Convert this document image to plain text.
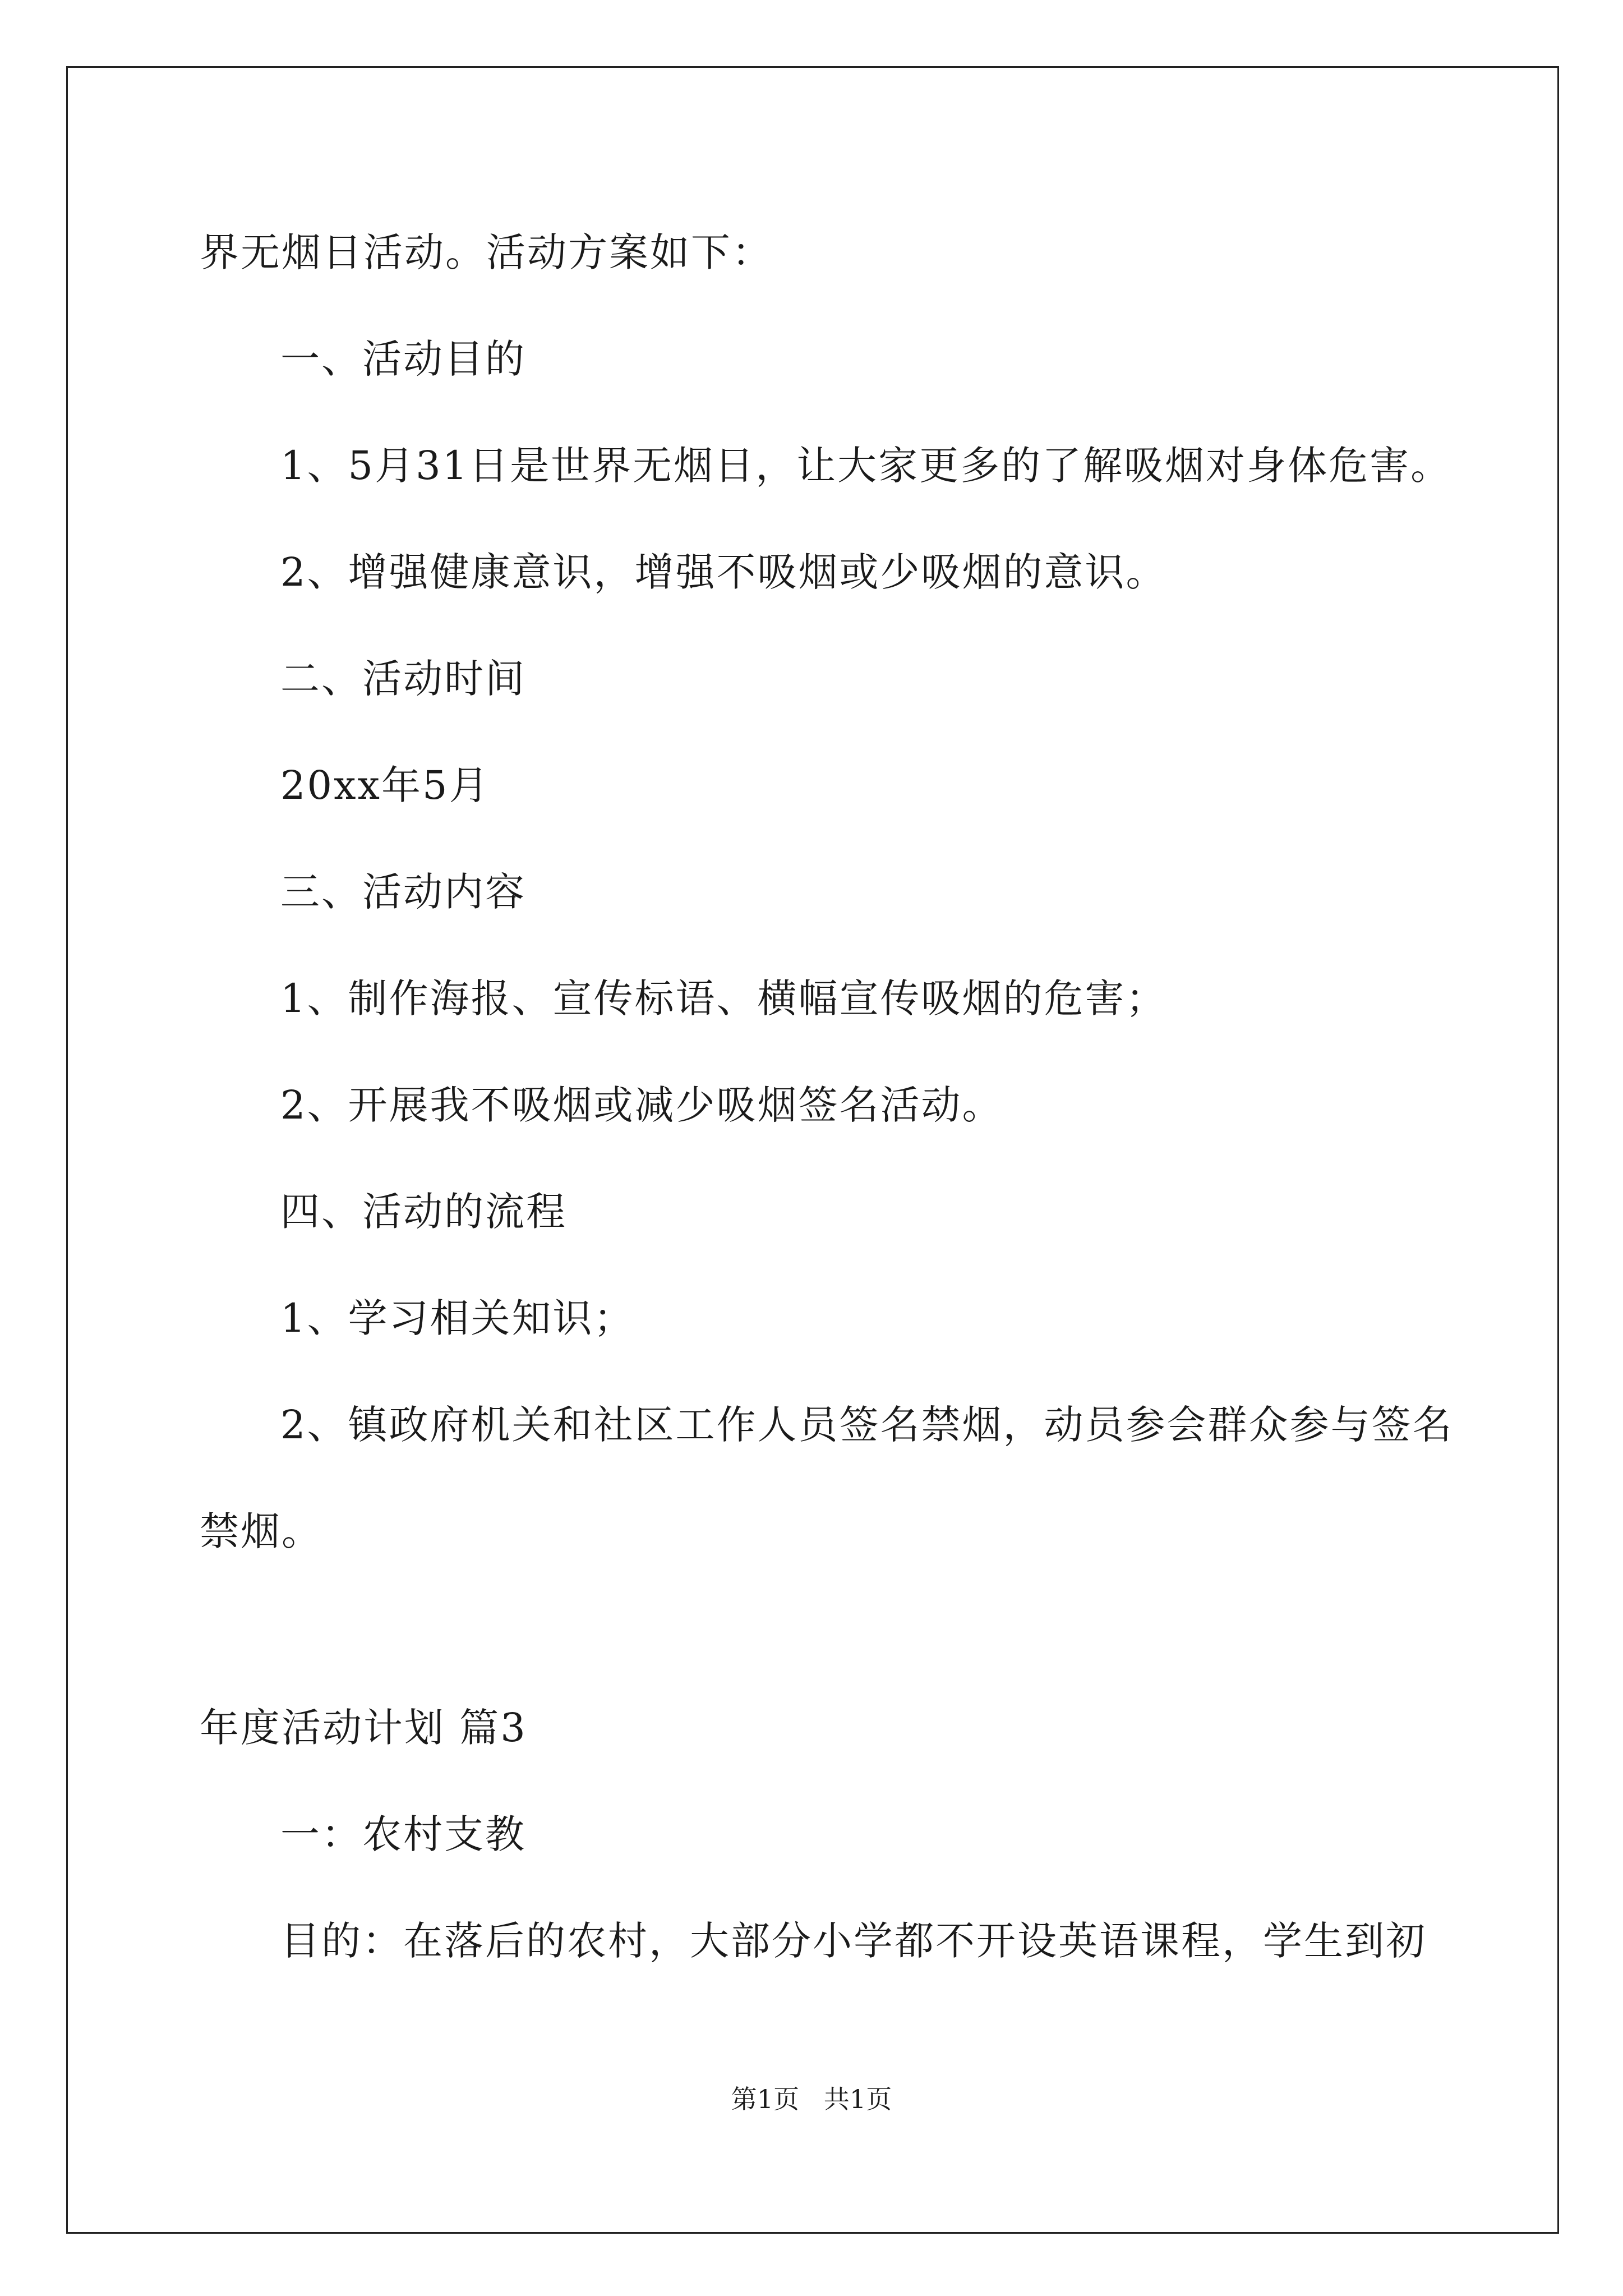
界无烟日活动。活动方案如下：
一、活动目的
1、5月31日是世界无烟日，让大家更多的了解吸烟对身体危害。
2、增强健康意识，增强不吸烟或少吸烟的意识。
二、活动时间
20xx年5月
三、活动内容
1、制作海报、宣传标语、横幅宣传吸烟的危害；
2、开展我不吸烟或减少吸烟签名活动。
四、活动的流程
1、学习相关知识；
2、镇政府机关和社区工作人员签名禁烟，动员参会群众参与签名
禁烟。
年度活动计划 篇3
一：农村支教
目的：在落后的农村，大部分小学都不开设英语课程，学生到初
第1页   共1页
